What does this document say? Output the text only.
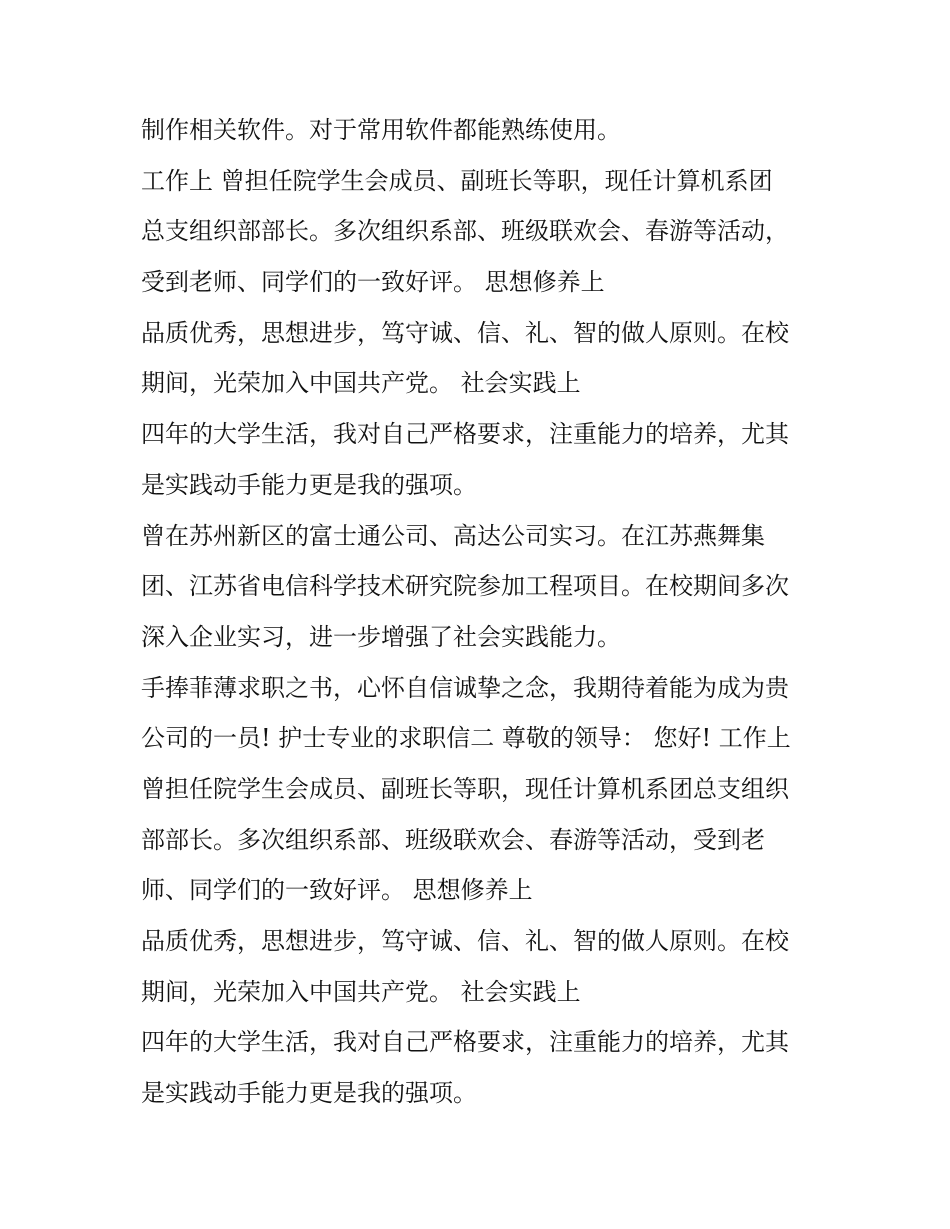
制作相关软件。对于常用软件都能熟练使用。
工作上 曾担任院学生会成员、副班长等职，现任计算机系团
总支组织部部长。多次组织系部、班级联欢会、春游等活动，
受到老师、同学们的一致好评。 思想修养上
品质优秀，思想进步，笃守诚、信、礼、智的做人原则。在校
期间，光荣加入中国共产党。 社会实践上
四年的大学生活，我对自己严格要求，注重能力的培养，尤其
是实践动手能力更是我的强项。
曾在苏州新区的富士通公司、高达公司实习。在江苏燕舞集
团、江苏省电信科学技术研究院参加工程项目。在校期间多次
深入企业实习，进一步增强了社会实践能力。
手捧菲薄求职之书，心怀自信诚挚之念，我期待着能为成为贵
公司的一员! 护士专业的求职信二 尊敬的领导： 您好! 工作上
曾担任院学生会成员、副班长等职，现任计算机系团总支组织
部部长。多次组织系部、班级联欢会、春游等活动，受到老
师、同学们的一致好评。 思想修养上
品质优秀，思想进步，笃守诚、信、礼、智的做人原则。在校
期间，光荣加入中国共产党。 社会实践上
四年的大学生活，我对自己严格要求，注重能力的培养，尤其
是实践动手能力更是我的强项。
